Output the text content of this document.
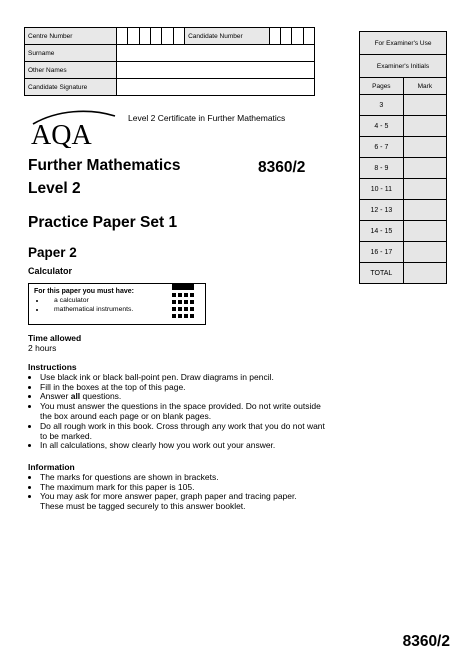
Centre Number							Candidate Number				
Surname											
Other Names											
Candidate Signature											
For Examiner's Use	
Examiner's Initials	
Pages	Mark
3	
4 - 5	
6 - 7	
8 - 9	
10 - 11	
12 - 13	
14 - 15	
16 - 17	
TOTAL	
AQA
Level 2 Certificate in Further Mathematics
Further Mathematics	8360/2
Level 2
Practice Paper Set 1
Paper 2
Calculator
For this paper you must have:
• a calculator
• mathematical instruments.
Time allowed
2 hours
Instructions
• Use black ink or black ball-point pen. Draw diagrams in pencil.
• Fill in the boxes at the top of this page.
• Answer all questions.
• You must answer the questions in the space provided. Do not write outside the box around each page or on blank pages.
• Do all rough work in this book. Cross through any work that you do not want to be marked.
• In all calculations, show clearly how you work out your answer.
Information
• The marks for questions are shown in brackets.
• The maximum mark for this paper is 105.
• You may ask for more answer paper, graph paper and tracing paper. These must be tagged securely to this answer booklet.
8360/2
